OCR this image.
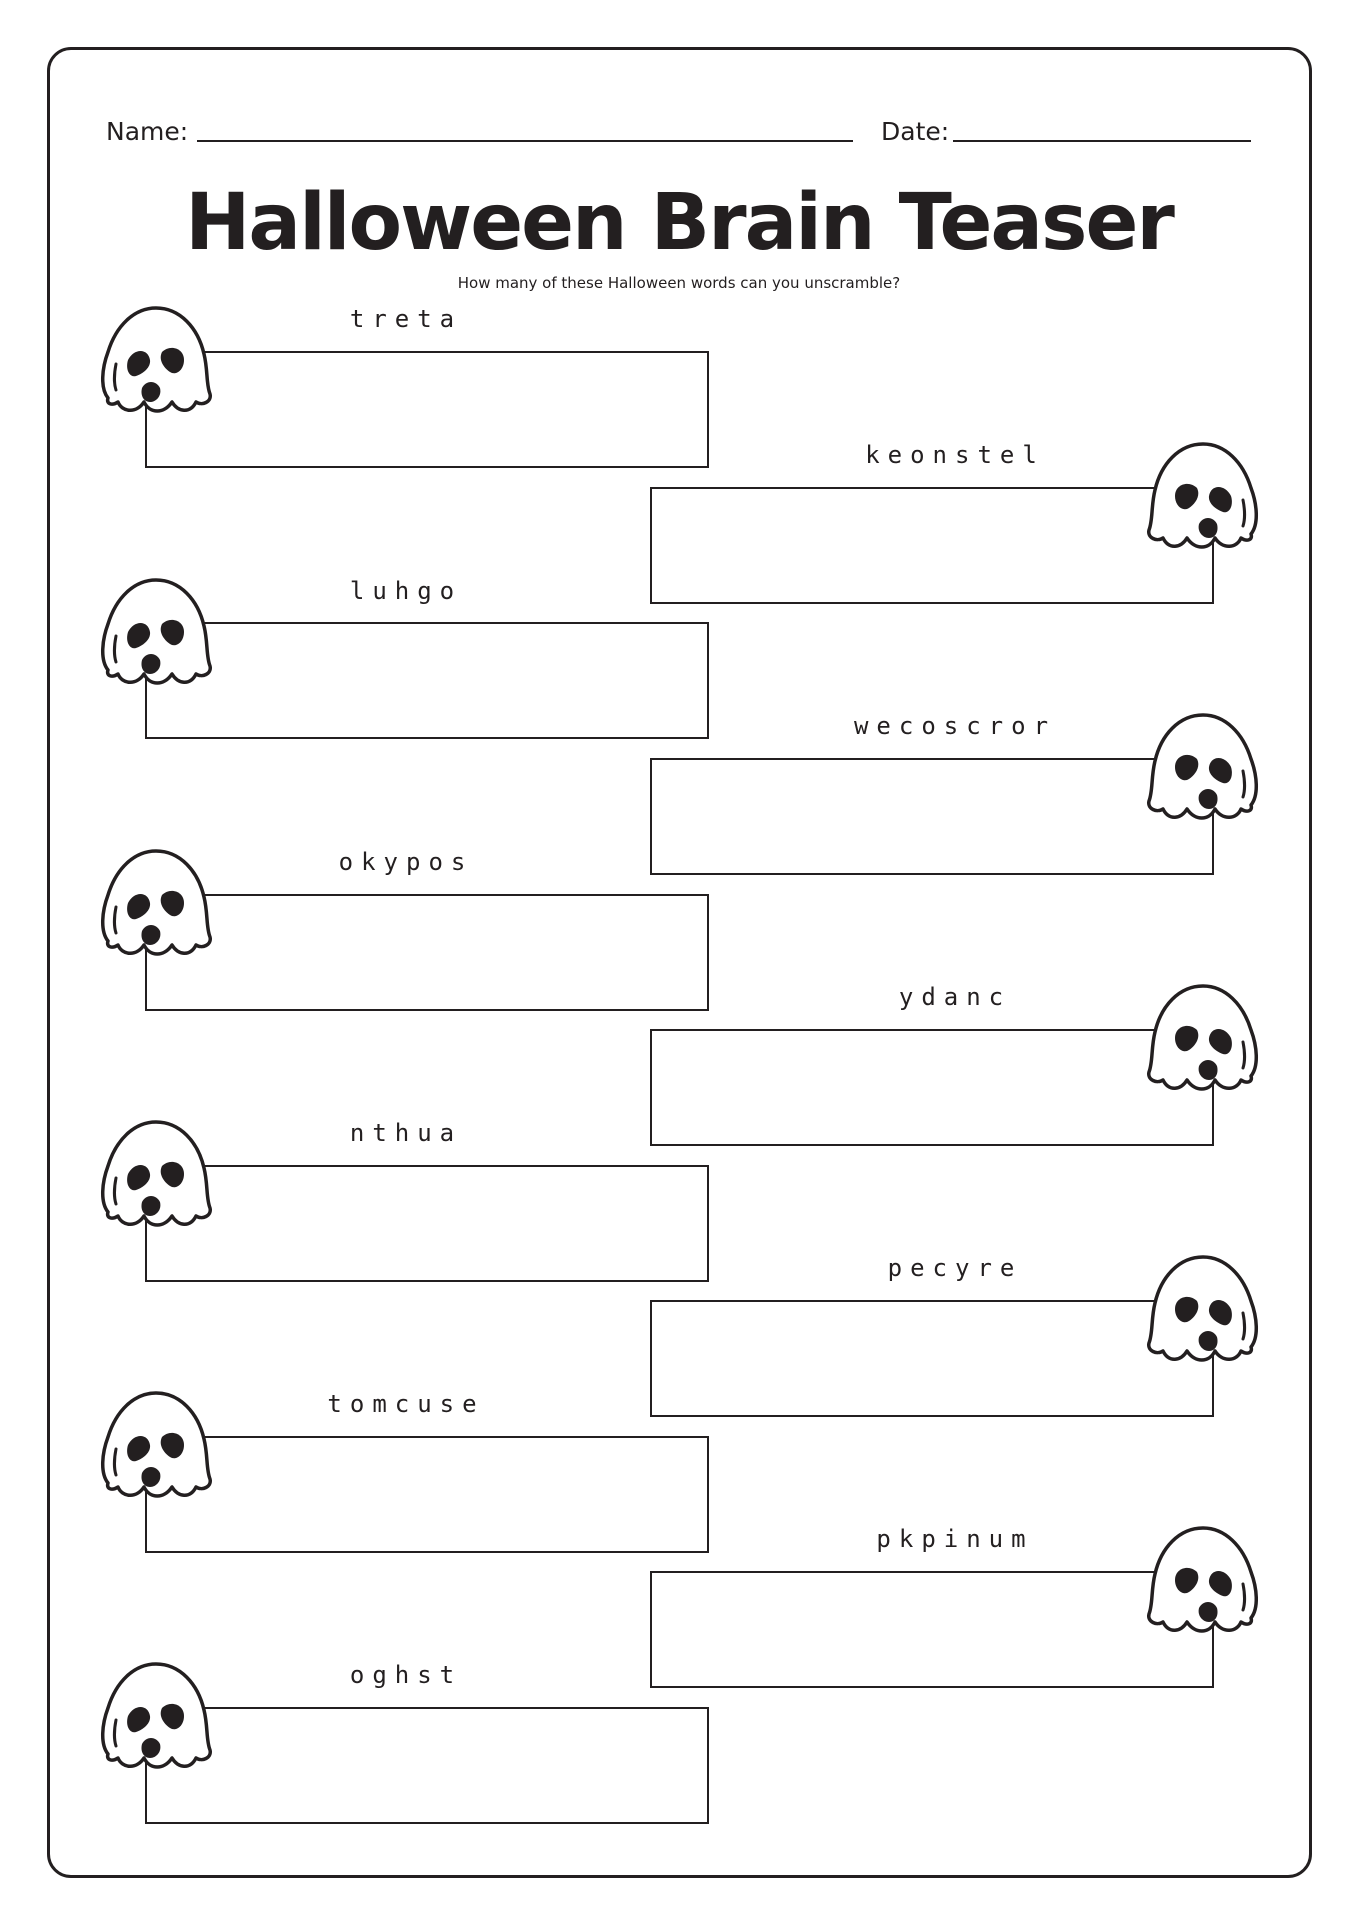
Name:	Date:
Halloween Brain Teaser
How many of these Halloween words can you unscramble?
treta
keonstel
luhgo
wecoscror
okypos
ydanc
nthua
pecyre
tomcuse
pkpinum
oghst
